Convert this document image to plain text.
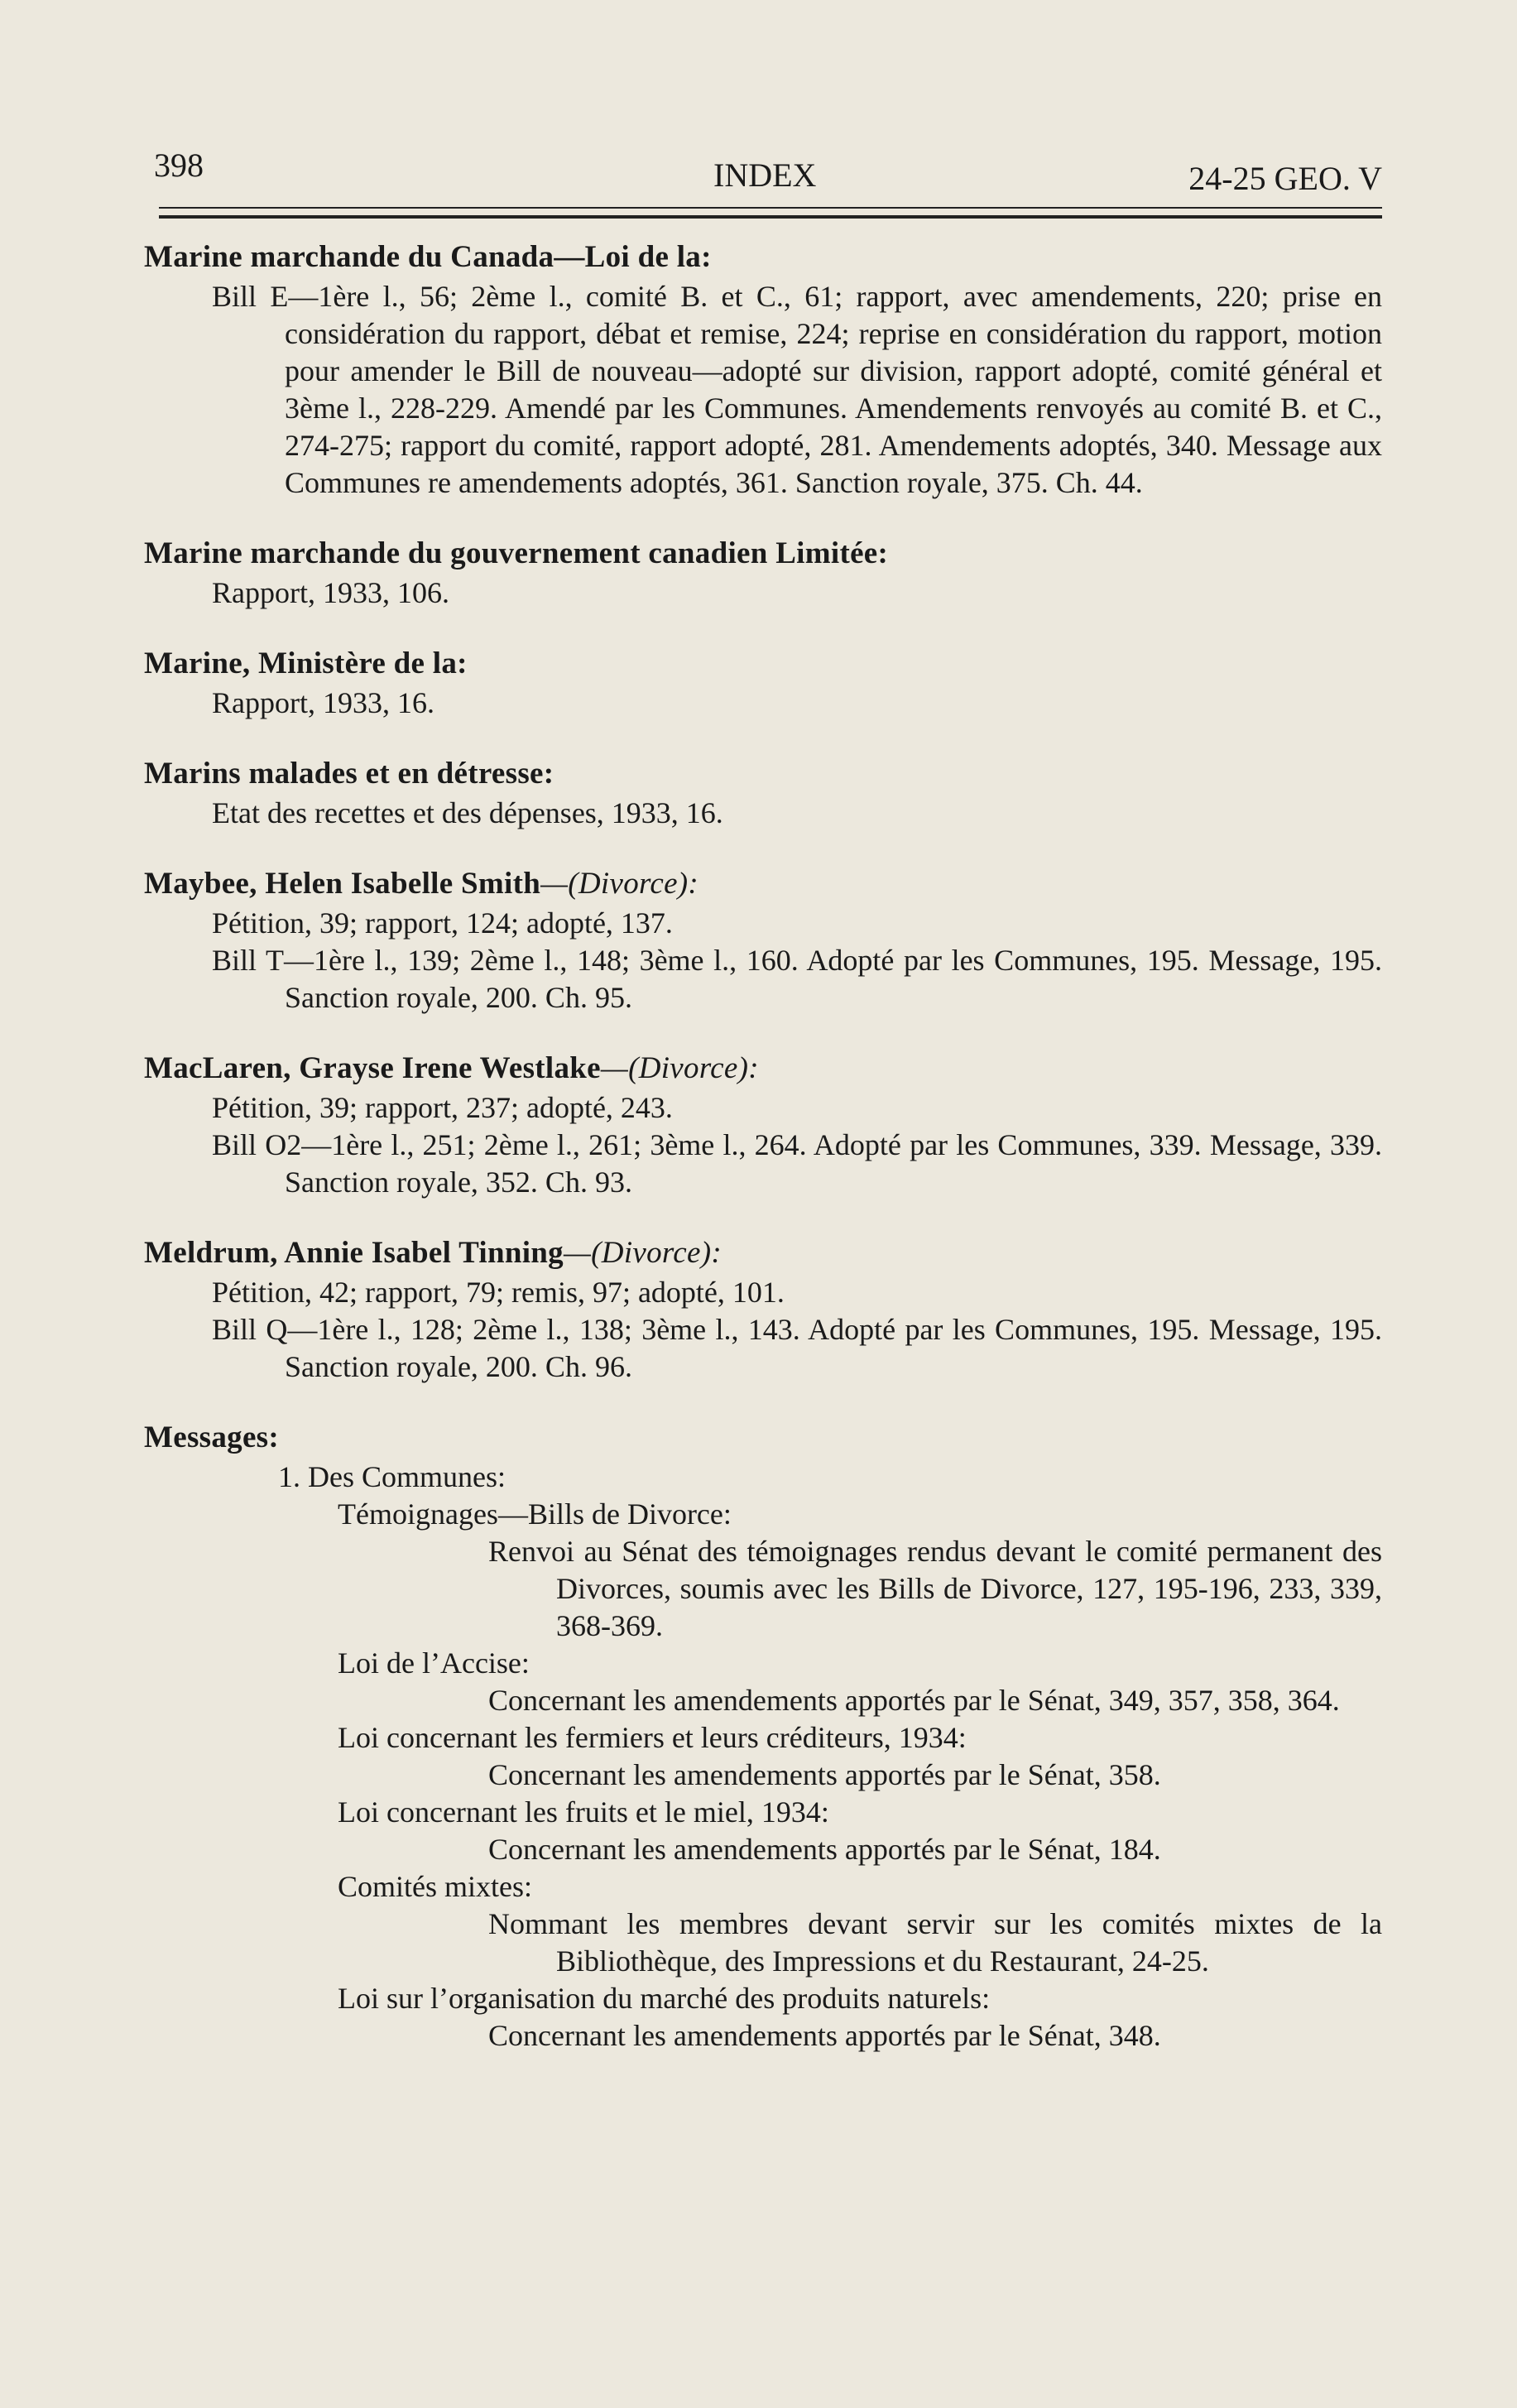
398	INDEX	24-25 GEO. V
Marine marchande du Canada—Loi de la:
Bill E—1ère l., 56; 2ème l., comité B. et C., 61; rapport, avec amendements, 220; prise en considération du rapport, débat et remise, 224; reprise en considération du rapport, motion pour amender le Bill de nouveau—adopté sur division, rapport adopté, comité général et 3ème l., 228-229. Amendé par les Communes. Amendements renvoyés au comité B. et C., 274-275; rapport du comité, rapport adopté, 281. Amendements adoptés, 340. Message aux Communes re amendements adoptés, 361. Sanction royale, 375. Ch. 44.
Marine marchande du gouvernement canadien Limitée:
Rapport, 1933, 106.
Marine, Ministère de la:
Rapport, 1933, 16.
Marins malades et en détresse:
Etat des recettes et des dépenses, 1933, 16.
Maybee, Helen Isabelle Smith—(Divorce):
Pétition, 39; rapport, 124; adopté, 137.
Bill T—1ère l., 139; 2ème l., 148; 3ème l., 160. Adopté par les Communes, 195. Message, 195. Sanction royale, 200. Ch. 95.
MacLaren, Grayse Irene Westlake—(Divorce):
Pétition, 39; rapport, 237; adopté, 243.
Bill O2—1ère l., 251; 2ème l., 261; 3ème l., 264. Adopté par les Communes, 339. Message, 339. Sanction royale, 352. Ch. 93.
Meldrum, Annie Isabel Tinning—(Divorce):
Pétition, 42; rapport, 79; remis, 97; adopté, 101.
Bill Q—1ère l., 128; 2ème l., 138; 3ème l., 143. Adopté par les Communes, 195. Message, 195. Sanction royale, 200. Ch. 96.
Messages:
1. Des Communes:
Témoignages—Bills de Divorce:
Renvoi au Sénat des témoignages rendus devant le comité permanent des Divorces, soumis avec les Bills de Divorce, 127, 195-196, 233, 339, 368-369.
Loi de l’Accise:
Concernant les amendements apportés par le Sénat, 349, 357, 358, 364.
Loi concernant les fermiers et leurs créditeurs, 1934:
Concernant les amendements apportés par le Sénat, 358.
Loi concernant les fruits et le miel, 1934:
Concernant les amendements apportés par le Sénat, 184.
Comités mixtes:
Nommant les membres devant servir sur les comités mixtes de la Bibliothèque, des Impressions et du Restaurant, 24-25.
Loi sur l’organisation du marché des produits naturels:
Concernant les amendements apportés par le Sénat, 348.
